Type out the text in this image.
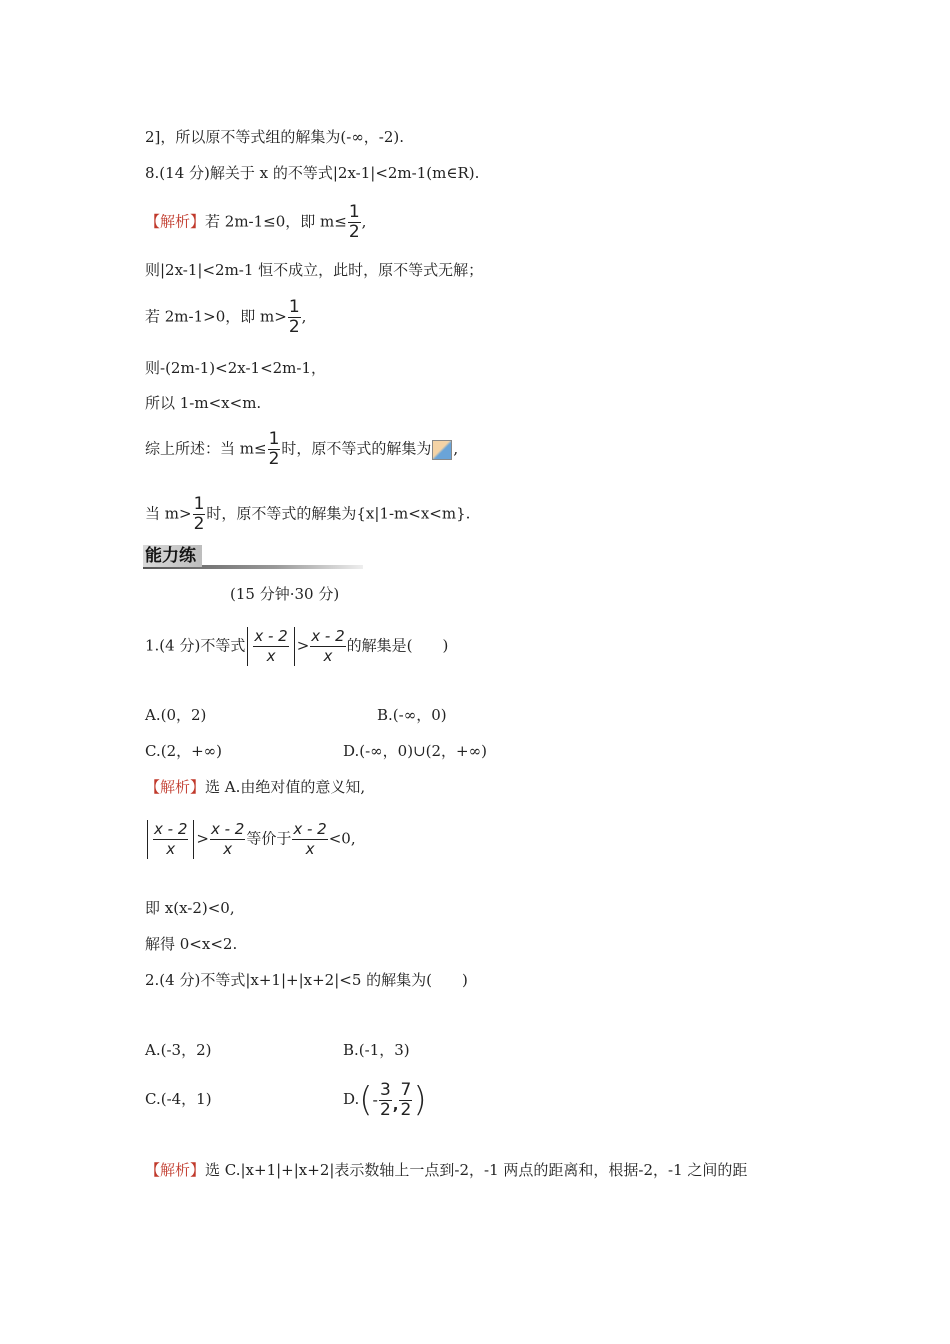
2]，所以原不等式组的解集为(-∞，-2).
8.(14 分)解关于 x 的不等式|2x-1|<2m-1(m∈R).
【解析】若 2m-1≤0，即 $m\le \frac{1}{2}$ ,
则|2x-1|<2m-1 恒不成立，此时，原不等式无解；
若 2m-1>0，即 $m> \frac{1}{2}$ ,
则-(2m-1)<2x-1<2m-1，
所以 1-m<x<m.
综上所述：当 $m\le \frac{1}{2}$ 时，原不等式的解集为 ,
当 $m> \frac{1}{2}$ 时，原不等式的解集为{x|1-m<x<m}.
能力练
(15 分钟·30 分)
1.(4 分)不等式 $\frac{x - 2}{x} > \frac{x - 2}{x}$ 的解集是(　　)
A.(0，2)	B.(-∞，0)
C.(2，+∞)	D.(-∞，0)∪(2，+∞)
【解析】选 A.由绝对值的意义知,
$\frac{x - 2}{x} > \frac{x - 2}{x}$ 等价于 $\frac{x - 2}{x} <0$,
即 x(x-2)<0,
解得 0<x<2.
2.(4 分)不等式|x+1|+|x+2|<5 的解集为(　　)
A.(-3，2)	B.(-1，3)
C.(-4，1)	$D.(- \frac{3}{2}$ , $\frac{7}{2}$ )
【解析】选 C.|x+1|+|x+2|表示数轴上一点到-2，-1 两点的距离和，根据-2，-1 之间的距
